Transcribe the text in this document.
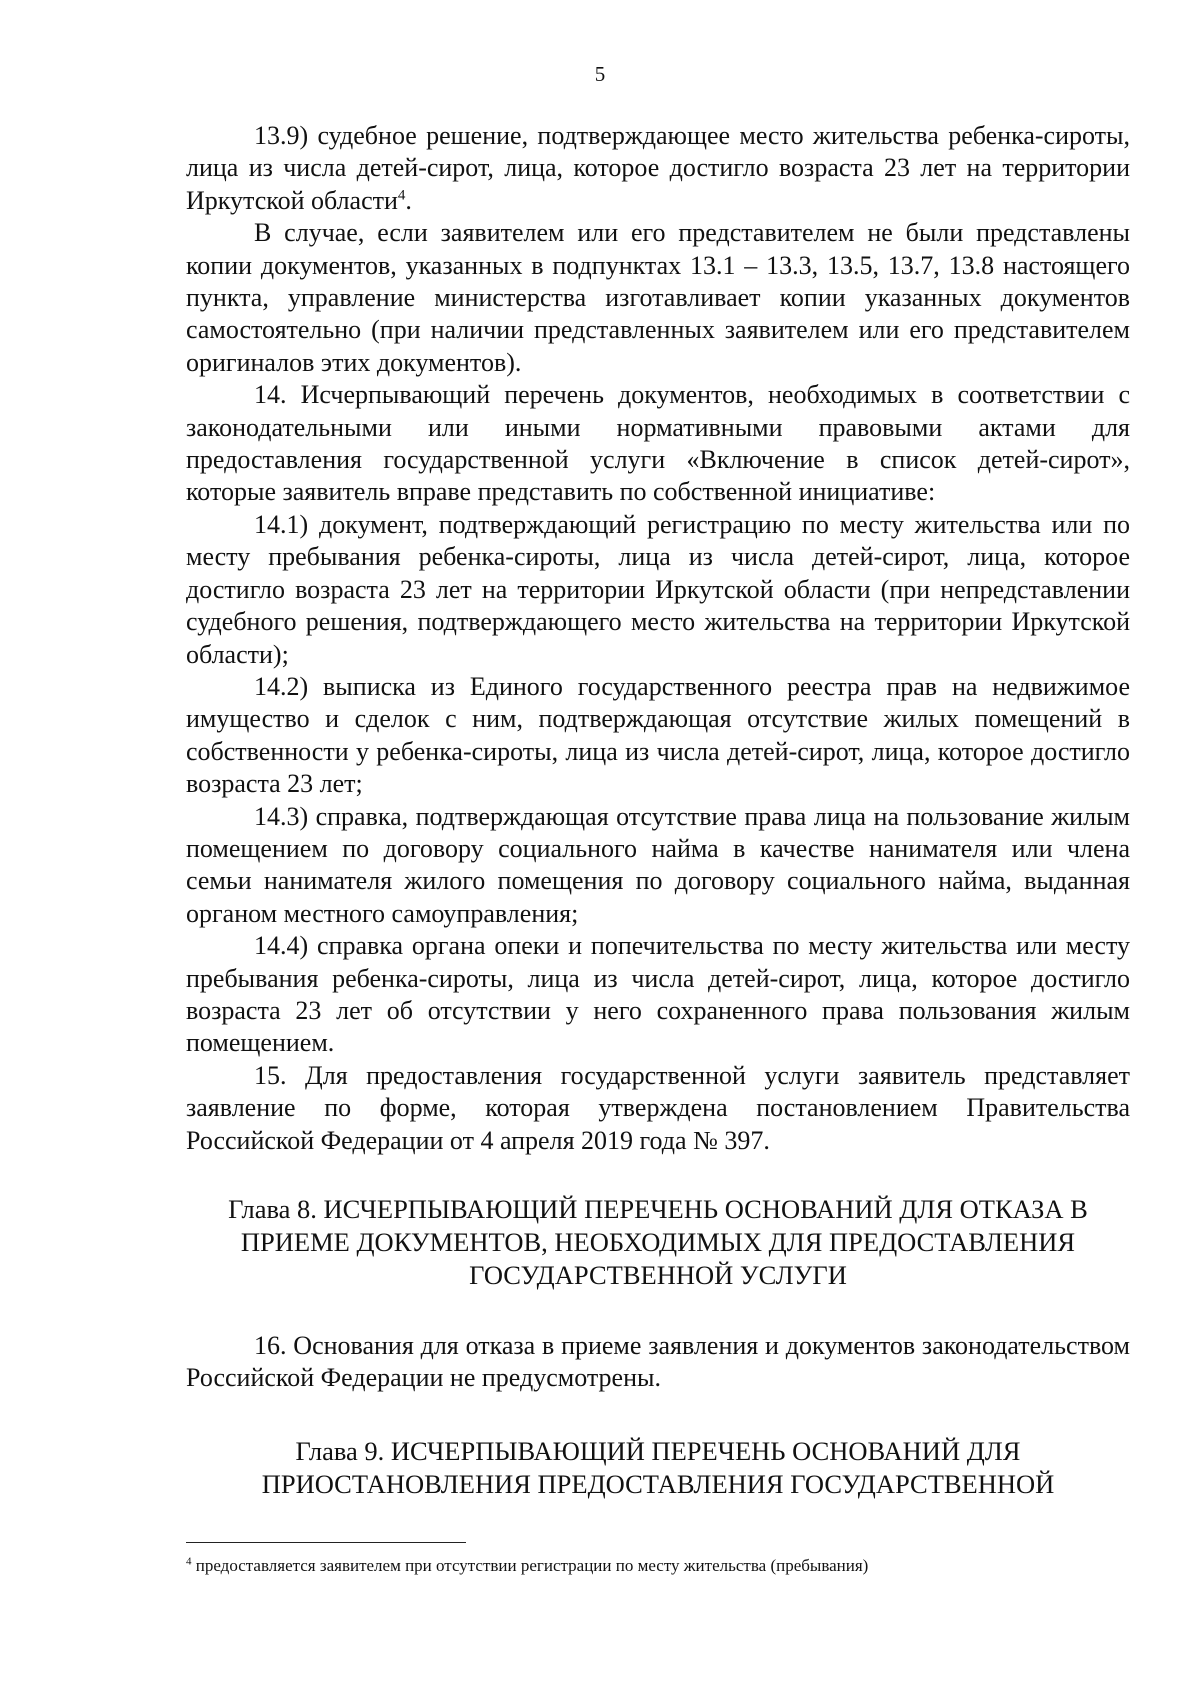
5

13.9) судебное решение, подтверждающее место жительства ребенка-сироты, лица из числа детей-сирот, лица, которое достигло возраста 23 лет на территории Иркутской области$^4$.

В случае, если заявителем или его представителем не были представлены копии документов, указанных в подпунктах 13.1 – 13.3, 13.5, 13.7, 13.8 настоящего пункта, управление министерства изготавливает копии указанных документов самостоятельно (при наличии представленных заявителем или его представителем оригиналов этих документов).

14. Исчерпывающий перечень документов, необходимых в соответствии с законодательными или иными нормативными правовыми актами для предоставления государственной услуги «Включение в список детей-сирот», которые заявитель вправе представить по собственной инициативе:

14.1) документ, подтверждающий регистрацию по месту жительства или по месту пребывания ребенка-сироты, лица из числа детей-сирот, лица, которое достигло возраста 23 лет на территории Иркутской области (при непредставлении судебного решения, подтверждающего место жительства на территории Иркутской области);

14.2) выписка из Единого государственного реестра прав на недвижимое имущество и сделок с ним, подтверждающая отсутствие жилых помещений в собственности у ребенка-сироты, лица из числа детей-сирот, лица, которое достигло возраста 23 лет;

14.3) справка, подтверждающая отсутствие права лица на пользование жилым помещением по договору социального найма в качестве нанимателя или члена семьи нанимателя жилого помещения по договору социального найма, выданная органом местного самоуправления;

14.4) справка органа опеки и попечительства по месту жительства или месту пребывания ребенка-сироты, лица из числа детей-сирот, лица, которое достигло возраста 23 лет об отсутствии у него сохраненного права пользования жилым помещением.

15. Для предоставления государственной услуги заявитель представляет заявление по форме, которая утверждена постановлением Правительства Российской Федерации от 4 апреля 2019 года № 397.

Глава 8. ИСЧЕРПЫВАЮЩИЙ ПЕРЕЧЕНЬ ОСНОВАНИЙ ДЛЯ ОТКАЗА В
ПРИЕМЕ ДОКУМЕНТОВ, НЕОБХОДИМЫХ ДЛЯ ПРЕДОСТАВЛЕНИЯ
ГОСУДАРСТВЕННОЙ УСЛУГИ

16. Основания для отказа в приеме заявления и документов законодательством Российской Федерации не предусмотрены.

Глава 9. ИСЧЕРПЫВАЮЩИЙ ПЕРЕЧЕНЬ ОСНОВАНИЙ ДЛЯ
ПРИОСТАНОВЛЕНИЯ ПРЕДОСТАВЛЕНИЯ ГОСУДАРСТВЕННОЙ

$^4$ предоставляется заявителем при отсутствии регистрации по месту жительства (пребывания)
